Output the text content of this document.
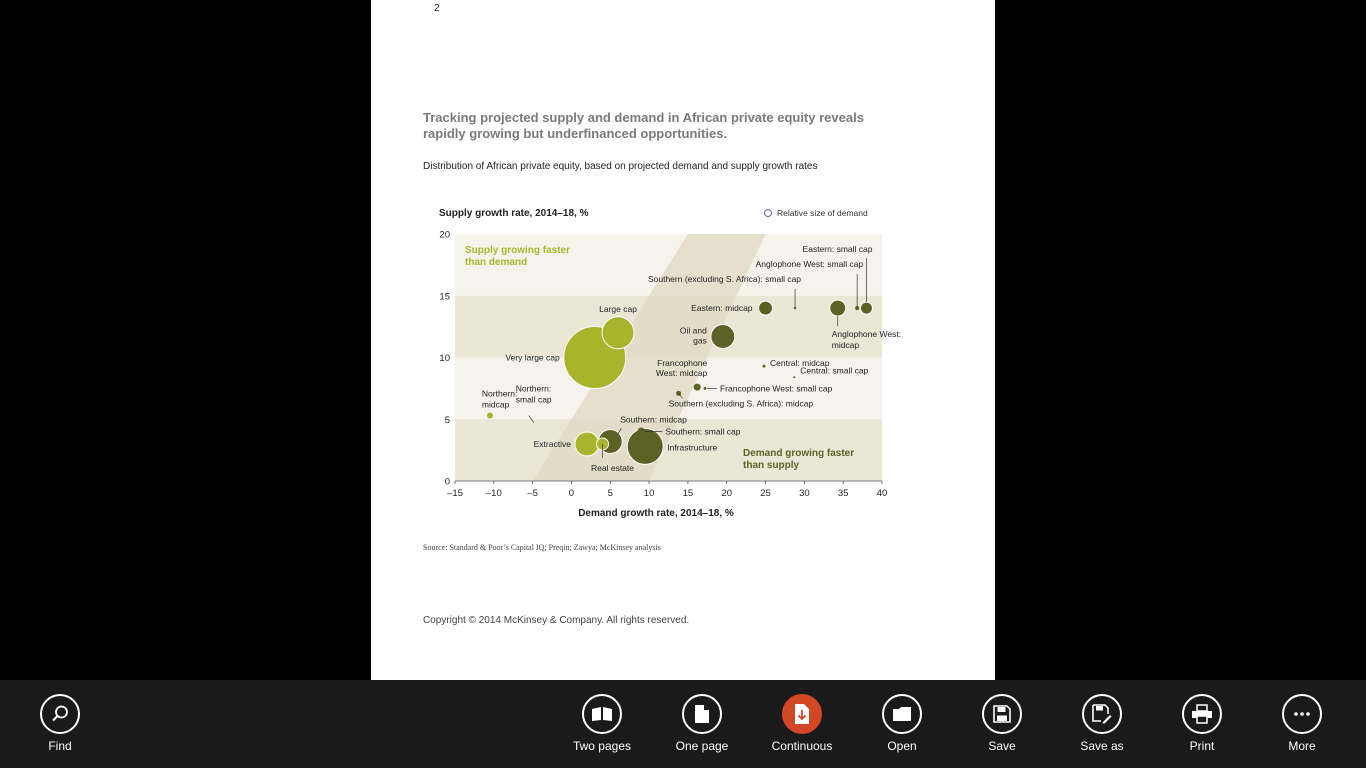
2
Tracking projected supply and demand in African private equity reveals rapidly growing but underfinanced opportunities.
Distribution of African private equity, based on projected demand and supply growth rates
Supply growth rate, 2014–18, %	Relative size of demand
Supply growing faster
than demand
Demand growing faster
than supply
Demand growth rate, 2014–18, %
–15 –10	–5	0	5	10	15	20	25	30	35	40
0
5
10
15
20
Very large cap
Large cap
Extractive
Northern:
midcap
Real estate
Southern: midcap
Infrastructure
Southern: small cap
Oil and
gas
Eastern: midcap
Anglophone West:
midcap
Eastern: small cap
Anglophone West: small cap
Southern (excluding S. Africa): small cap
Francophone
West: midcap
Francophone West: small cap
Southern (excluding S. Africa): midcap
Central: midcap
Central: small cap
Northern:
small cap
Source: Standard & Poor’s Capital IQ; Preqin; Zawya; McKinsey analysis
Copyright © 2014 McKinsey & Company. All rights reserved.
Find	Two pages	One page	Continuous	Open	Save	Save as	Print	More
